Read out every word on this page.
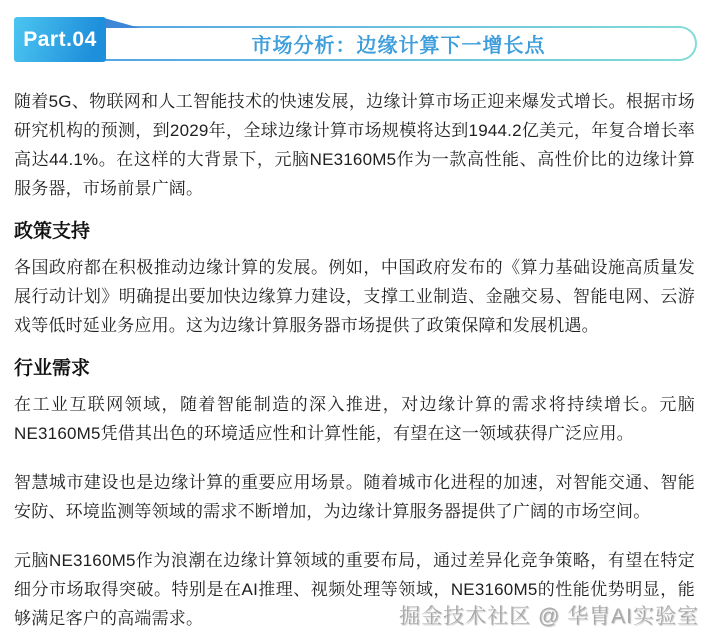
市场分析：边缘计算下一增长点
Part.04

随着5G、物联网和人工智能技术的快速发展，边缘计算市场正迎来爆发式增长。根据市场研究机构的预测，到2029年，全球边缘计算市场规模将达到1944.2亿美元，年复合增长率高达44.1%。在这样的大背景下，元脑NE3160M5作为一款高性能、高性价比的边缘计算服务器，市场前景广阔。

政策支持

各国政府都在积极推动边缘计算的发展。例如，中国政府发布的《算力基础设施高质量发展行动计划》明确提出要加快边缘算力建设，支撑工业制造、金融交易、智能电网、云游戏等低时延业务应用。这为边缘计算服务器市场提供了政策保障和发展机遇。

行业需求

在工业互联网领域，随着智能制造的深入推进，对边缘计算的需求将持续增长。元脑NE3160M5凭借其出色的环境适应性和计算性能，有望在这一领域获得广泛应用。

智慧城市建设也是边缘计算的重要应用场景。随着城市化进程的加速，对智能交通、智能安防、环境监测等领域的需求不断增加，为边缘计算服务器提供了广阔的市场空间。

元脑NE3160M5作为浪潮在边缘计算领域的重要布局，通过差异化竞争策略，有望在特定细分市场取得突破。特别是在AI推理、视频处理等领域，NE3160M5的性能优势明显，能够满足客户的高端需求。	掘金技术社区 @ 华胄AI实验室
